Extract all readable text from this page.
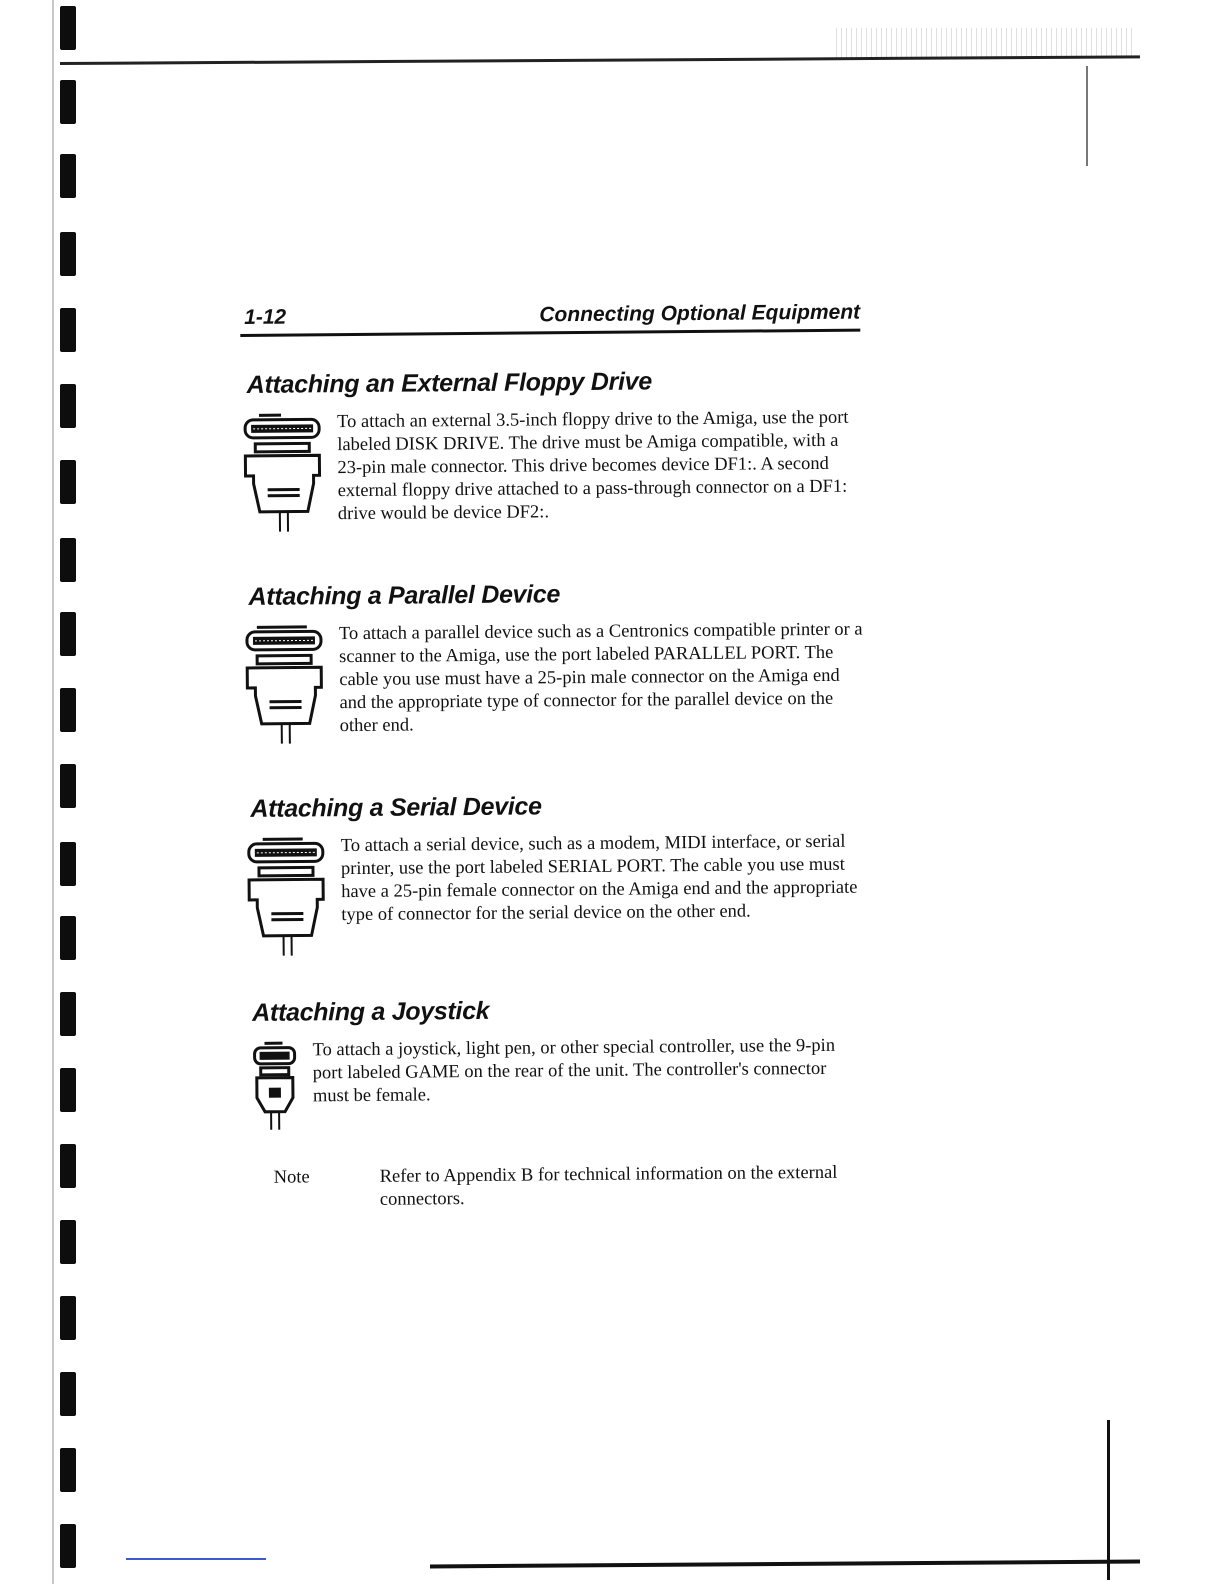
1-12	Connecting Optional Equipment
Attaching an External Floppy Drive

To attach an external 3.5-inch floppy drive to the Amiga, use the port labeled DISK DRIVE. The drive must be Amiga compatible, with a 23-pin male connector. This drive becomes device DF1:. A second external floppy drive attached to a pass-through connector on a DF1: drive would be device DF2:.

Attaching a Parallel Device

To attach a parallel device such as a Centronics compatible printer or a scanner to the Amiga, use the port labeled PARALLEL PORT. The cable you use must have a 25-pin male connector on the Amiga end and the appropriate type of connector for the parallel device on the other end.

Attaching a Serial Device

To attach a serial device, such as a modem, MIDI interface, or serial printer, use the port labeled SERIAL PORT. The cable you use must have a 25-pin female connector on the Amiga end and the appropriate type of connector for the serial device on the other end.

Attaching a Joystick

To attach a joystick, light pen, or other special controller, use the 9-pin port labeled GAME on the rear of the unit. The controller's connector must be female.

Note	Refer to Appendix B for technical information on the external connectors.
